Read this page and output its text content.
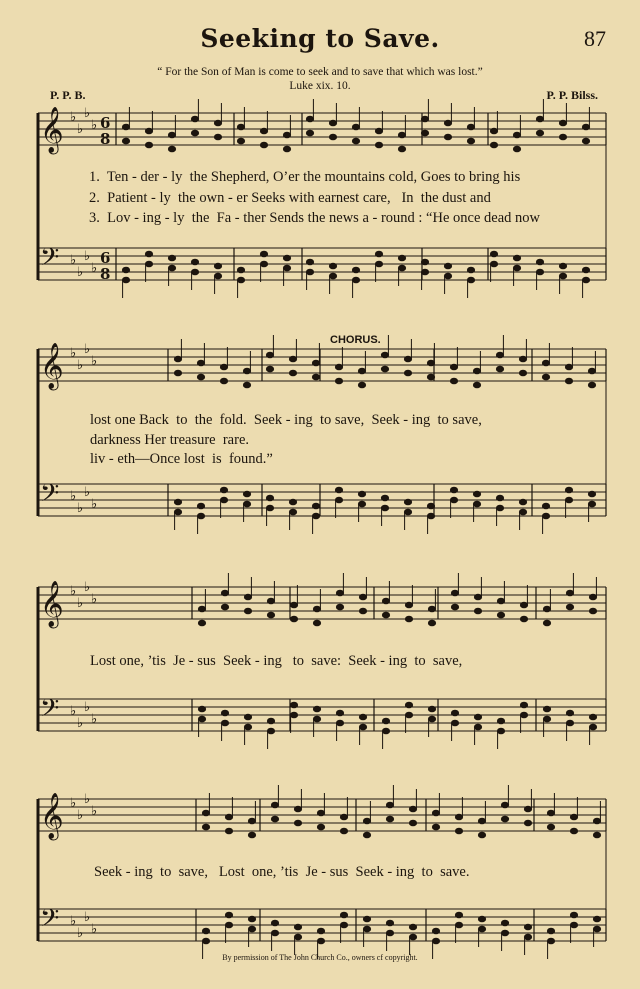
Seeking to Save.	87
“ For the Son of Man is come to seek and to save that which was lost.”
Luke xix. 10.
P. P. B.	P. P. Bilss.
𝄞 ♭
♭
♭
♭ 6
8
𝄢 ♭
♭
♭
♭
6
8
𝄞 ♭
♭
♭
♭
𝄢 ♭
♭
♭
♭
𝄞 ♭
♭
♭
♭
𝄢 ♭
♭
♭
♭
𝄞 ♭
♭
♭
♭
𝄢 ♭
♭
♭
♭
1.  Ten - der - ly  the Shepherd, O’er the mountains cold, Goes to bring his
2.  Patient - ly  the own - er Seeks with earnest care,   In  the dust and
3.  Lov - ing - ly  the  Fa - ther Sends the news a - round : “He once dead now
CHORUS.
lost one Back  to  the  fold.  Seek - ing  to save,  Seek - ing  to save,
darkness Her treasure  rare.
liv - eth—Once lost  is  found.”
Lost one, ’tis  Je - sus  Seek - ing   to  save:  Seek - ing  to  save,
Seek - ing  to  save,   Lost  one, ’tis  Je - sus  Seek - ing  to  save.
By permission of The John Church Co., owners cf copyright.
